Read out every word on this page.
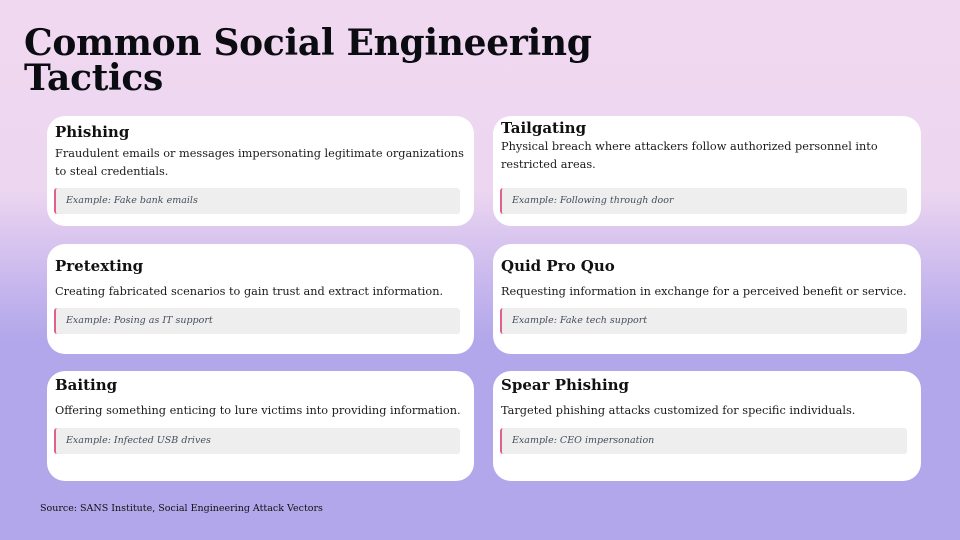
Common Social Engineering Tactics
Phishing

Fraudulent emails or messages impersonating legitimate organizations to steal credentials.

Example: Fake bank emails
Tailgating

Physical breach where attackers follow authorized personnel into restricted areas.

Example: Following through door
Pretexting

Creating fabricated scenarios to gain trust and extract information.

Example: Posing as IT support
Quid Pro Quo

Requesting information in exchange for a perceived benefit or service.

Example: Fake tech support
Baiting

Offering something enticing to lure victims into providing information.

Example: Infected USB drives
Spear Phishing

Targeted phishing attacks customized for specific individuals.

Example: CEO impersonation
Source: SANS Institute, Social Engineering Attack Vectors
